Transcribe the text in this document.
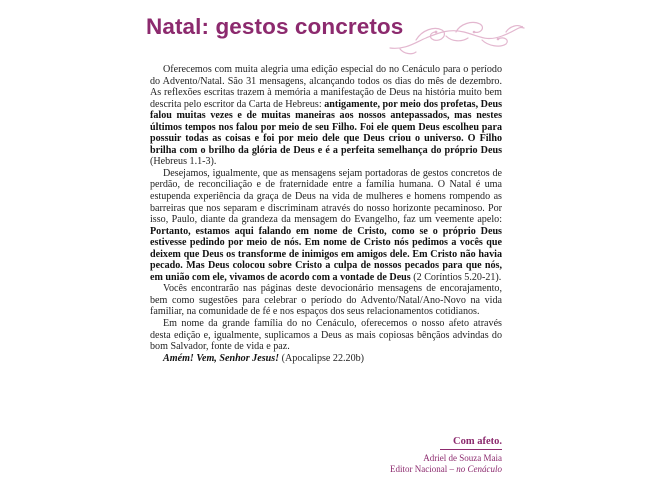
Natal: gestos concretos

Oferecemos com muita alegria uma edição especial do no Cenáculo para o período do Advento/Natal. São 31 mensagens, alcançando todos os dias do mês de dezembro. As reflexões escritas trazem à memória a manifestação de Deus na história muito bem descrita pelo escritor da Carta de Hebreus: antigamente, por meio dos profetas, Deus falou muitas vezes e de muitas maneiras aos nossos antepassados, mas nestes últimos tempos nos falou por meio de seu Filho. Foi ele quem Deus escolheu para possuir todas as coisas e foi por meio dele que Deus criou o universo. O Filho brilha com o brilho da glória de Deus e é a perfeita semelhança do próprio Deus (Hebreus 1.1-3).

Desejamos, igualmente, que as mensagens sejam portadoras de gestos concretos de perdão, de reconciliação e de fraternidade entre a família humana. O Natal é uma estupenda experiência da graça de Deus na vida de mulheres e homens rompendo as barreiras que nos separam e discriminam através do nosso horizonte pecaminoso. Por isso, Paulo, diante da grandeza da mensagem do Evangelho, faz um veemente apelo: Portanto, estamos aqui falando em nome de Cristo, como se o próprio Deus estivesse pedindo por meio de nós. Em nome de Cristo nós pedimos a vocês que deixem que Deus os transforme de inimigos em amigos dele. Em Cristo não havia pecado. Mas Deus colocou sobre Cristo a culpa de nossos pecados para que nós, em união com ele, vivamos de acordo com a vontade de Deus (2 Coríntios 5.20-21).

Vocês encontrarão nas páginas deste devocionário mensagens de encorajamento, bem como sugestões para celebrar o período do Advento/Natal/Ano-Novo na vida familiar, na comunidade de fé e nos espaços dos seus relacionamentos cotidianos.

Em nome da grande família do no Cenáculo, oferecemos o nosso afeto através desta edição e, igualmente, suplicamos a Deus as mais copiosas bênçãos advindas do bom Salvador, fonte de vida e paz.

Amém! Vem, Senhor Jesus! (Apocalipse 22.20b)

Com afeto.
Adriel de Souza Maia
Editor Nacional – no Cenáculo
